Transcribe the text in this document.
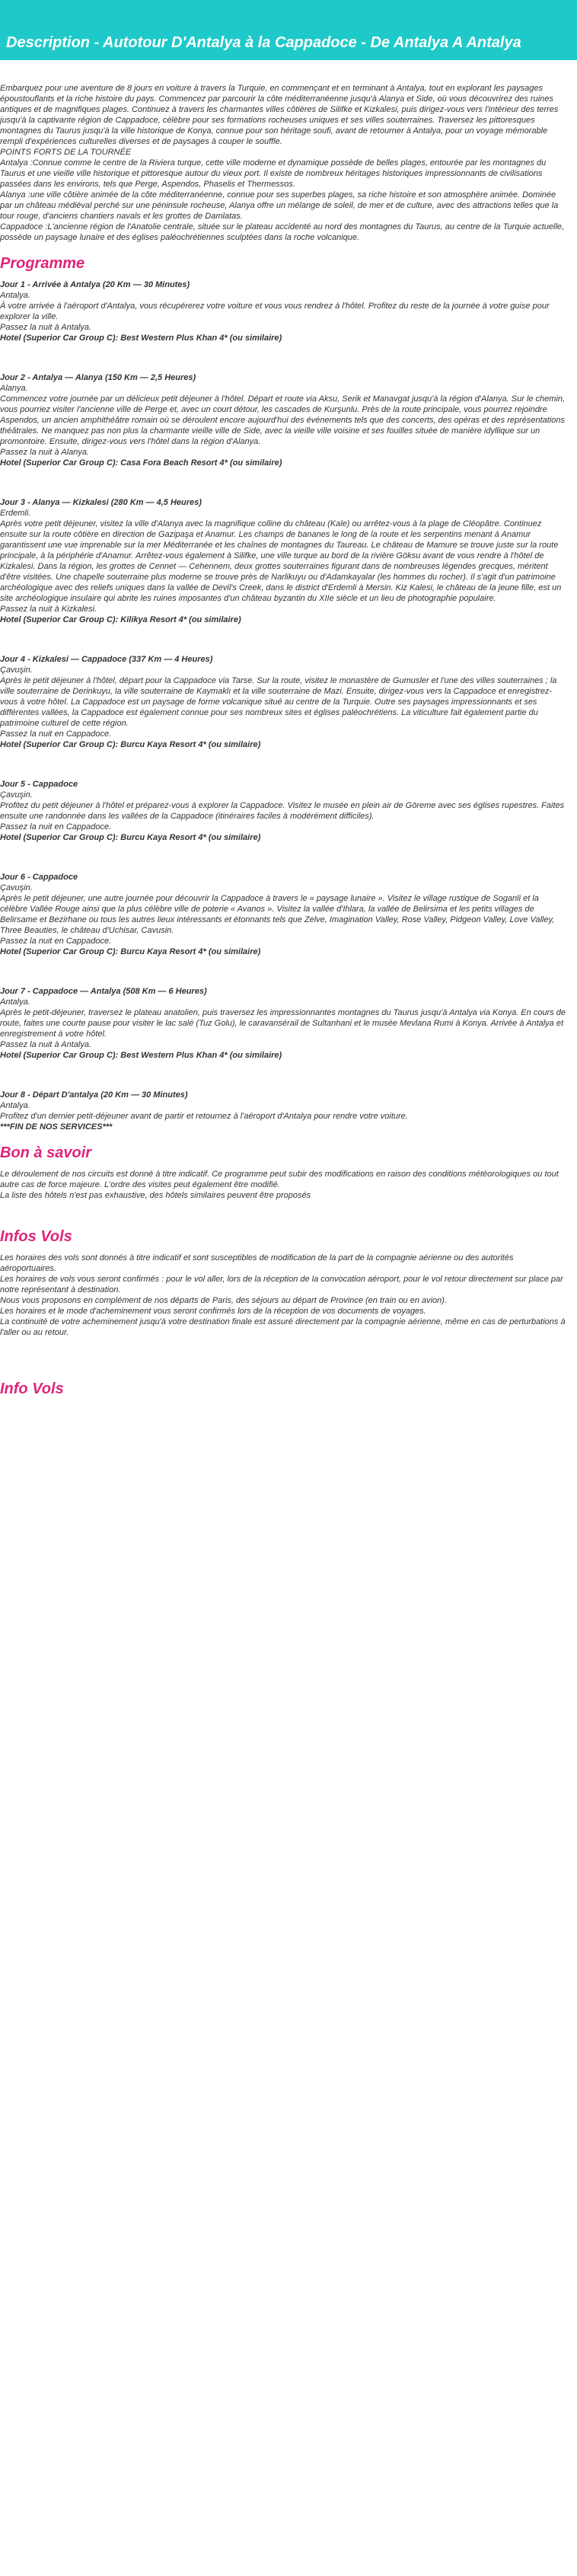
Description - Autotour D'Antalya à la Cappadoce - De Antalya A Antalya

Embarquez pour une aventure de 8 jours en voiture à travers la Turquie, en commençant et en terminant à Antalya, tout en explorant les paysages époustouflants et la riche histoire du pays. Commencez par parcourir la côte méditerranéenne jusqu'à Alanya et Side, où vous découvrirez des ruines antiques et de magnifiques plages. Continuez à travers les charmantes villes côtières de Silifke et Kizkalesi, puis dirigez-vous vers l'intérieur des terres jusqu'à la captivante région de Cappadoce, célèbre pour ses formations rocheuses uniques et ses villes souterraines. Traversez les pittoresques montagnes du Taurus jusqu'à la ville historique de Konya, connue pour son héritage soufi, avant de retourner à Antalya, pour un voyage mémorable rempli d'expériences culturelles diverses et de paysages à couper le souffle.

POINTS FORTS DE LA TOURNÉE

Antalya :Connue comme le centre de la Riviera turque, cette ville moderne et dynamique possède de belles plages, entourée par les montagnes du Taurus et une vieille ville historique et pittoresque autour du vieux port. Il existe de nombreux héritages historiques impressionnants de civilisations passées dans les environs, tels que Perge, Aspendos, Phaselis et Thermessos.

Alanya :une ville côtière animée de la côte méditerranéenne, connue pour ses superbes plages, sa riche histoire et son atmosphère animée. Dominée par un château médiéval perché sur une péninsule rocheuse, Alanya offre un mélange de soleil, de mer et de culture, avec des attractions telles que la tour rouge, d'anciens chantiers navals et les grottes de Damlatas.

Cappadoce :L'ancienne région de l'Anatolie centrale, située sur le plateau accidenté au nord des montagnes du Taurus, au centre de la Turquie actuelle, possède un paysage lunaire et des églises paléochrétiennes sculptées dans la roche volcanique.

Programme

Jour 1 - Arrivée à Antalya (20 Km — 30 Minutes)

Antalya.

À votre arrivée à l'aéroport d'Antalya, vous récupérerez votre voiture et vous vous rendrez à l'hôtel. Profitez du reste de la journée à votre guise pour explorer la ville.

Passez la nuit à Antalya.

Hotel (Superior Car Group C): Best Western Plus Khan 4* (ou similaire)

Jour 2 - Antalya — Alanya (150 Km — 2,5 Heures)

Alanya.

Commencez votre journée par un délicieux petit déjeuner à l'hôtel. Départ et route via Aksu, Serik et Manavgat jusqu'à la région d'Alanya. Sur le chemin, vous pourriez visiter l'ancienne ville de Perge et, avec un court détour, les cascades de Kurşunlu. Près de la route principale, vous pourrez rejoindre Aspendos, un ancien amphithéâtre romain où se déroulent encore aujourd'hui des événements tels que des concerts, des opéras et des représentations théâtrales. Ne manquez pas non plus la charmante vieille ville de Side, avec la vieille ville voisine et ses fouilles située de manière idyllique sur un promontoire. Ensuite, dirigez-vous vers l'hôtel dans la région d'Alanya.

Passez la nuit à Alanya.

Hotel (Superior Car Group C): Casa Fora Beach Resort 4* (ou similaire)

Jour 3 - Alanya — Kizkalesi (280 Km — 4,5 Heures)

Erdemli.

Après votre petit déjeuner, visitez la ville d'Alanya avec la magnifique colline du château (Kale) ou arrêtez-vous à la plage de Cléopâtre. Continuez ensuite sur la route côtière en direction de Gazipaşa et Anamur. Les champs de bananes le long de la route et les serpentins menant à Anamur garantissent une vue imprenable sur la mer Méditerranée et les chaînes de montagnes du Taureau. Le château de Mamure se trouve juste sur la route principale, à la périphérie d'Anamur. Arrêtez-vous également à Silifke, une ville turque au bord de la rivière Göksu avant de vous rendre à l'hôtel de Kizkalesi. Dans la région, les grottes de Cennet — Cehennem, deux grottes souterraines figurant dans de nombreuses légendes grecques, méritent d'être visitées. Une chapelle souterraine plus moderne se trouve près de Narlikuyu ou d'Adamkayalar (les hommes du rocher). Il s'agit d'un patrimoine archéologique avec des reliefs uniques dans la vallée de Devil's Creek, dans le district d'Erdemli à Mersin. Kiz Kalesi, le château de la jeune fille, est un site archéologique insulaire qui abrite les ruines imposantes d'un château byzantin du XIIe siècle et un lieu de photographie populaire.

Passez la nuit à Kizkalesi.

Hotel (Superior Car Group C): Kilikya Resort 4* (ou similaire)

Jour 4 - Kizkalesi — Cappadoce (337 Km — 4 Heures)

Çavuşin.

Après le petit déjeuner à l'hôtel, départ pour la Cappadoce via Tarse. Sur la route, visitez le monastère de Gumusler et l'une des villes souterraines ; la ville souterraine de Derinkuyu, la ville souterraine de Kaymaklı et la ville souterraine de Mazi. Ensuite, dirigez-vous vers la Cappadoce et enregistrez-vous à votre hôtel. La Cappadoce est un paysage de forme volcanique situé au centre de la Turquie. Outre ses paysages impressionnants et ses différentes vallées, la Cappadoce est également connue pour ses nombreux sites et églises paléochrétiens. La viticulture fait également partie du patrimoine culturel de cette région.

Passez la nuit en Cappadoce.

Hotel (Superior Car Group C): Burcu Kaya Resort 4* (ou similaire)

Jour 5 - Cappadoce

Çavuşin.

Profitez du petit déjeuner à l'hôtel et préparez-vous à explorer la Cappadoce. Visitez le musée en plein air de Göreme avec ses églises rupestres. Faites ensuite une randonnée dans les vallées de la Cappadoce (itinéraires faciles à modérément difficiles).

Passez la nuit en Cappadoce.

Hotel (Superior Car Group C): Burcu Kaya Resort 4* (ou similaire)

Jour 6 - Cappadoce

Çavuşin.

Après le petit déjeuner, une autre journée pour découvrir la Cappadoce à travers le « paysage lunaire ». Visitez le village rustique de Soganli et la célèbre Vallée Rouge ainsi que la plus célèbre ville de poterie « Avanos ». Visitez la vallée d'Ihlara, la vallée de Belirsima et les petits villages de Belirsame et Bezirhane ou tous les autres lieux intéressants et étonnants tels que Zelve, Imagination Valley, Rose Valley, Pidgeon Valley, Love Valley, Three Beauties, le château d'Uchisar, Cavusin.

Passez la nuit en Cappadoce.

Hotel (Superior Car Group C): Burcu Kaya Resort 4* (ou similaire)

Jour 7 - Cappadoce — Antalya (508 Km — 6 Heures)

Antalya.

Après le petit-déjeuner, traversez le plateau anatolien, puis traversez les impressionnantes montagnes du Taurus jusqu'à Antalya via Konya. En cours de route, faites une courte pause pour visiter le lac salé (Tuz Golu), le caravansérail de Sultanhani et le musée Mevlana Rumi à Konya. Arrivée à Antalya et enregistrement à votre hôtel.

Passez la nuit à Antalya.

Hotel (Superior Car Group C): Best Western Plus Khan 4* (ou similaire)

Jour 8 - Départ D'antalya (20 Km — 30 Minutes)

Antalya.

Profitez d'un dernier petit-déjeuner avant de partir et retournez à l'aéroport d'Antalya pour rendre votre voiture.

***FIN DE NOS SERVICES***

Bon à savoir

Le déroulement de nos circuits est donné à titre indicatif. Ce programme peut subir des modifications en raison des conditions météorologiques ou tout autre cas de force majeure. L'ordre des visites peut également être modifié.

La liste des hôtels n'est pas exhaustive, des hôtels similaires peuvent être proposés

Infos Vols

Les horaires des vols sont donnés à titre indicatif et sont susceptibles de modification de la part de la compagnie aérienne ou des autorités aéroportuaires.

Les horaires de vols vous seront confirmés : pour le vol aller, lors de la réception de la convocation aéroport, pour le vol retour directement sur place par notre représentant à destination.

Nous vous proposons en complément de nos départs de Paris, des séjours au départ de Province (en train ou en avion).

Les horaires et le mode d'acheminement vous seront confirmés lors de la réception de vos documents de voyages.

La continuité de votre acheminement jusqu'à votre destination finale est assuré directement par la compagnie aérienne, même en cas de perturbations à l'aller ou au retour.

Info Vols
